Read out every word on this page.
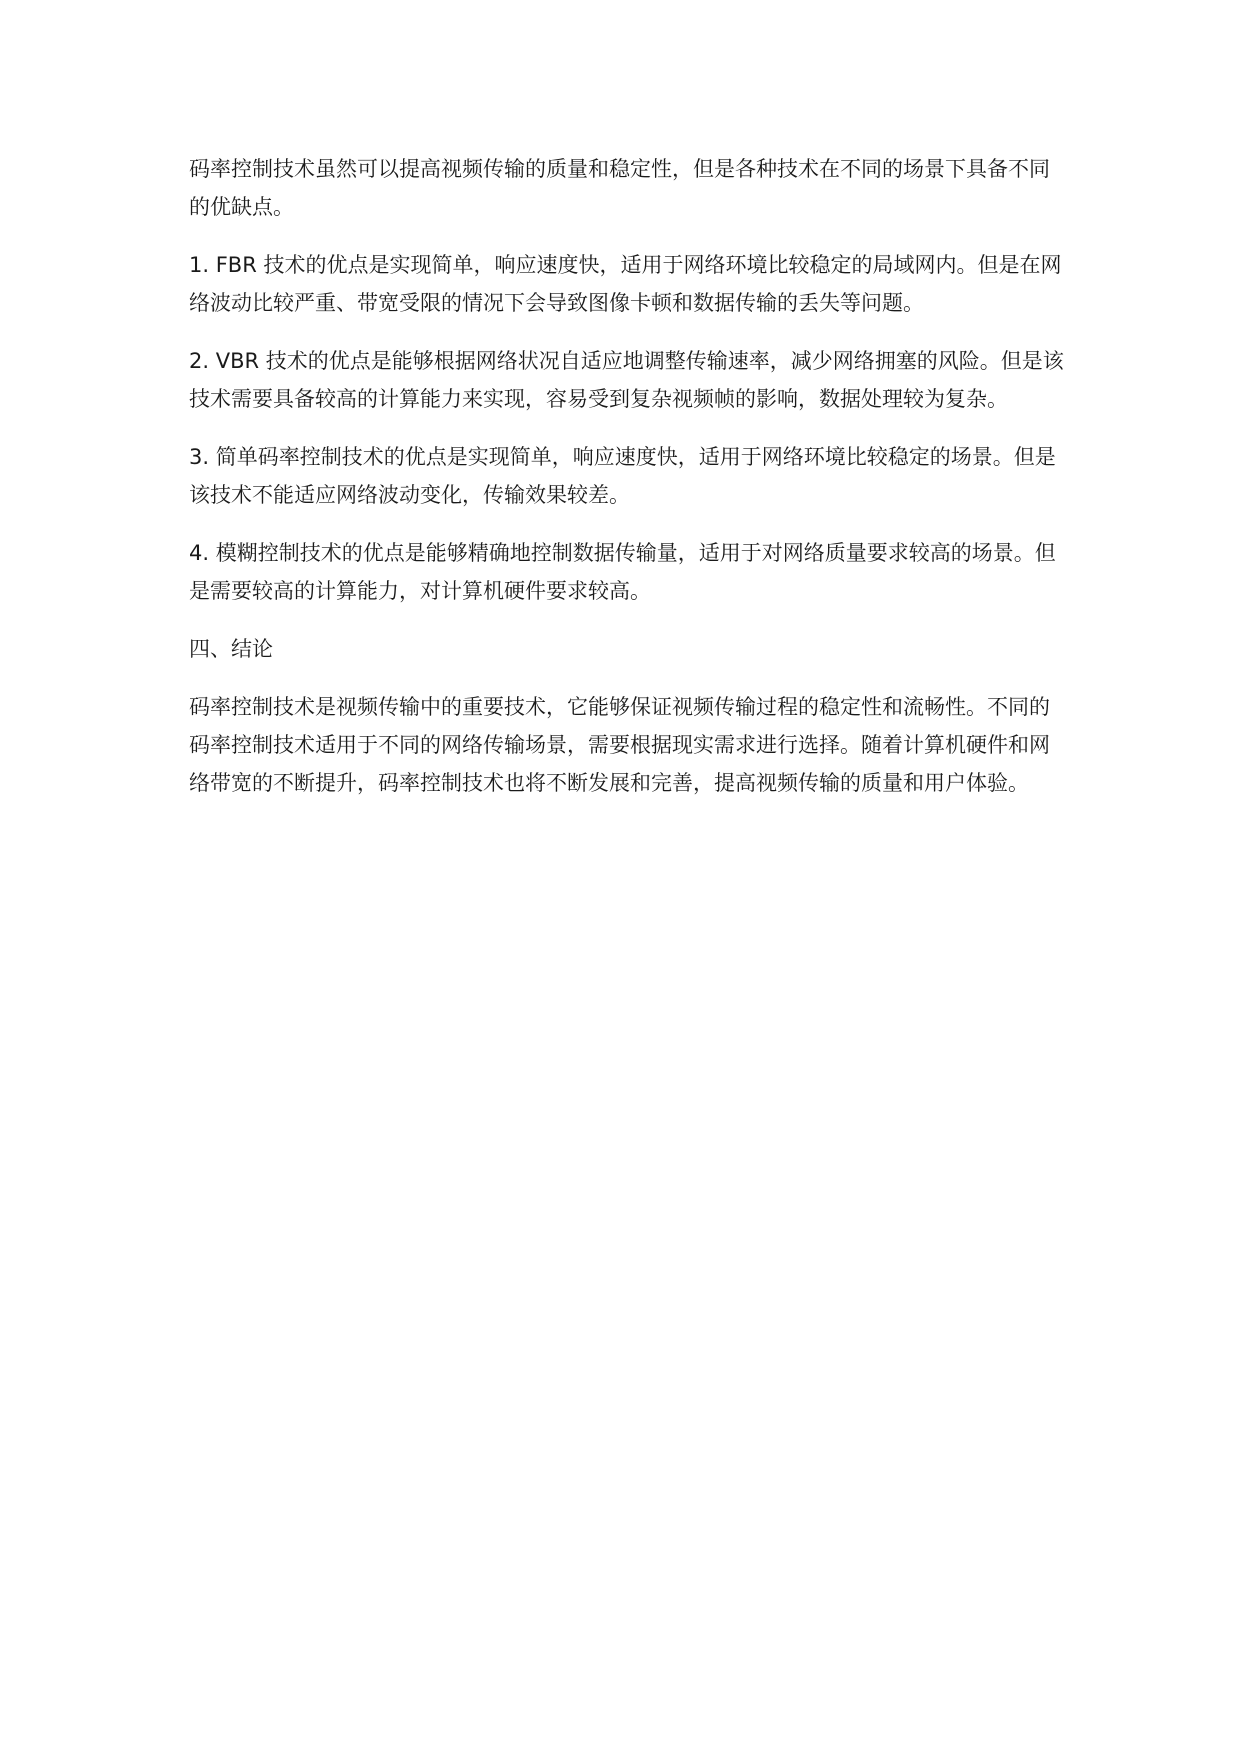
码率控制技术虽然可以提高视频传输的质量和稳定性，但是各种技术在不同的场景下具备不同的优缺点。

1. FBR 技术的优点是实现简单，响应速度快，适用于网络环境比较稳定的局域网内。但是在网络波动比较严重、带宽受限的情况下会导致图像卡顿和数据传输的丢失等问题。

2. VBR 技术的优点是能够根据网络状况自适应地调整传输速率，减少网络拥塞的风险。但是该技术需要具备较高的计算能力来实现，容易受到复杂视频帧的影响，数据处理较为复杂。

3. 简单码率控制技术的优点是实现简单，响应速度快，适用于网络环境比较稳定的场景。但是该技术不能适应网络波动变化，传输效果较差。

4. 模糊控制技术的优点是能够精确地控制数据传输量，适用于对网络质量要求较高的场景。但是需要较高的计算能力，对计算机硬件要求较高。

四、结论

码率控制技术是视频传输中的重要技术，它能够保证视频传输过程的稳定性和流畅性。不同的码率控制技术适用于不同的网络传输场景，需要根据现实需求进行选择。随着计算机硬件和网络带宽的不断提升，码率控制技术也将不断发展和完善，提高视频传输的质量和用户体验。
